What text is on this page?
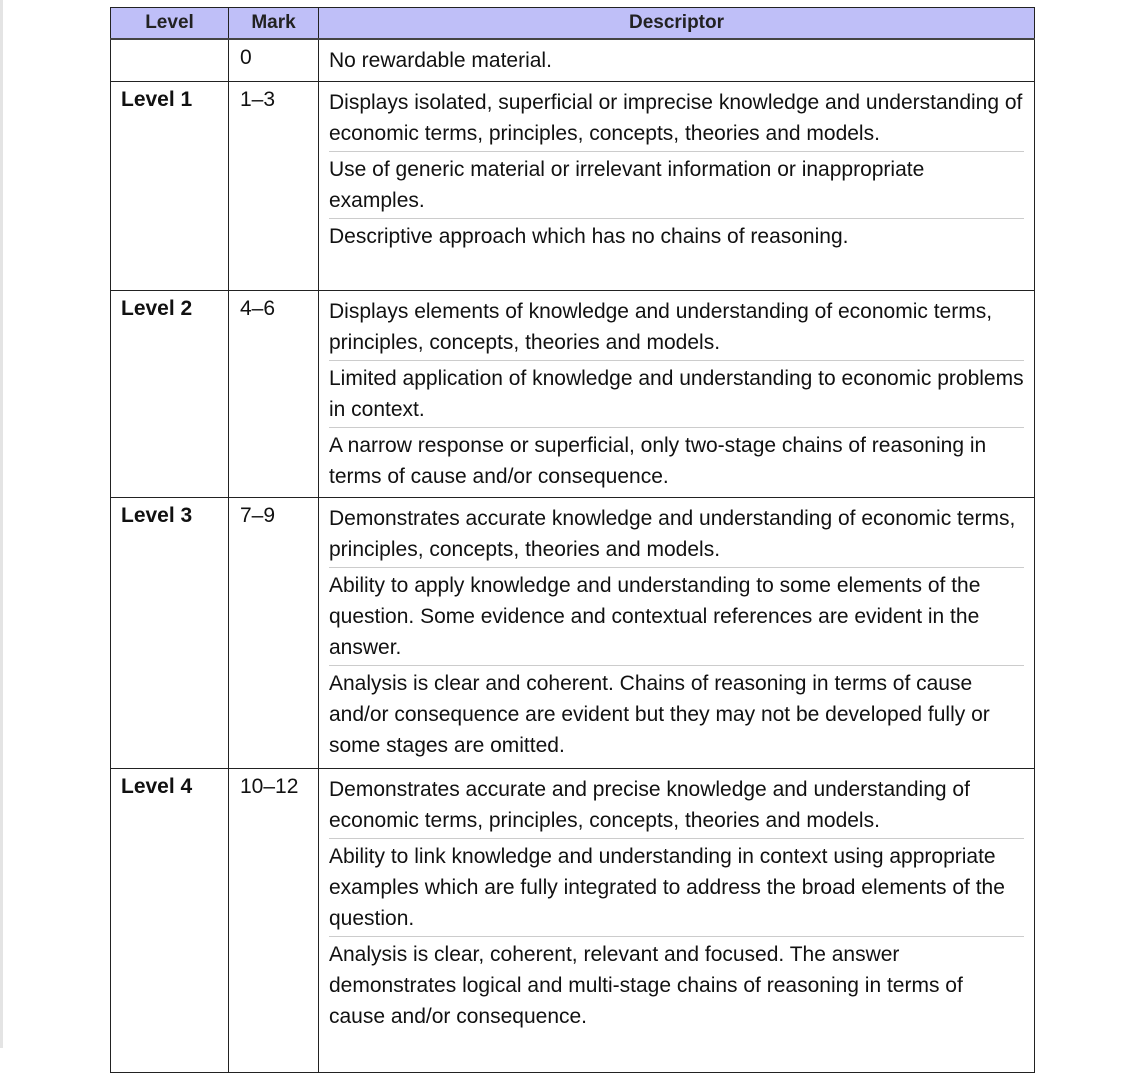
Level	Mark	Descriptor
	0	No rewardable material.

Level 1	1–3	Displays isolated, superficial or imprecise knowledge and understanding of economic terms, principles, concepts, theories and models.
Use of generic material or irrelevant information or inappropriate examples.
Descriptive approach which has no chains of reasoning.

Level 2	4–6	Displays elements of knowledge and understanding of economic terms, principles, concepts, theories and models.
Limited application of knowledge and understanding to economic problems in context.
A narrow response or superficial, only two-stage chains of reasoning in terms of cause and/or consequence.

Level 3	7–9	Demonstrates accurate knowledge and understanding of economic terms, principles, concepts, theories and models.
Ability to apply knowledge and understanding to some elements of the question. Some evidence and contextual references are evident in the answer.
Analysis is clear and coherent. Chains of reasoning in terms of cause and/or consequence are evident but they may not be developed fully or some stages are omitted.

Level 4	10–12	Demonstrates accurate and precise knowledge and understanding of economic terms, principles, concepts, theories and models.
Ability to link knowledge and understanding in context using appropriate examples which are fully integrated to address the broad elements of the question.
Analysis is clear, coherent, relevant and focused. The answer demonstrates logical and multi-stage chains of reasoning in terms of cause and/or consequence.
